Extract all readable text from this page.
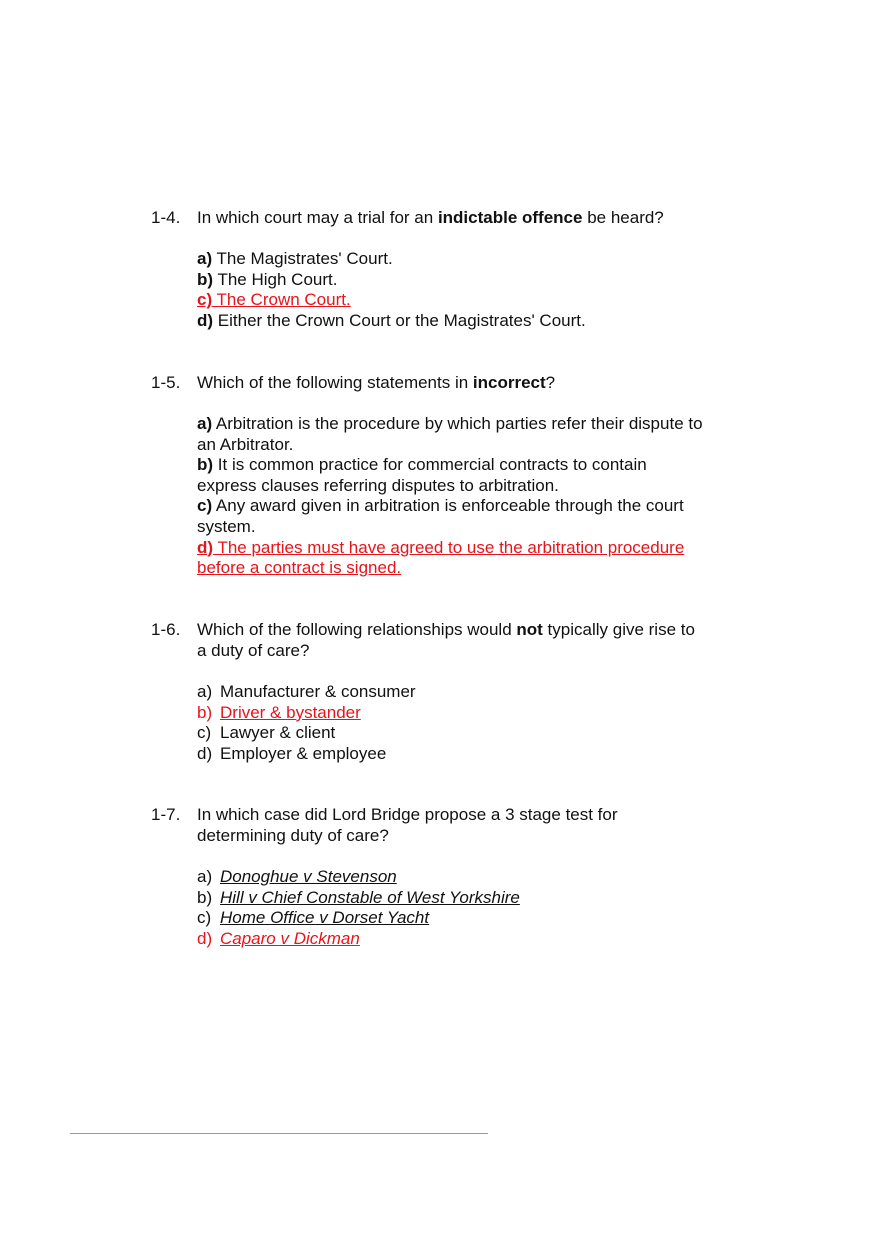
1-4. In which court may a trial for an indictable offence be heard?
a) The Magistrates' Court.
b) The High Court.
c) The Crown Court.
d) Either the Crown Court or the Magistrates' Court.
1-5. Which of the following statements in incorrect?
a) Arbitration is the procedure by which parties refer their dispute to
an Arbitrator.
b) It is common practice for commercial contracts to contain
express clauses referring disputes to arbitration.
c) Any award given in arbitration is enforceable through the court
system.
d) The parties must have agreed to use the arbitration procedure
before a contract is signed.
1-6. Which of the following relationships would not typically give rise to
a duty of care?
a) Manufacturer & consumer
b) Driver & bystander
c) Lawyer & client
d) Employer & employee
1-7. In which case did Lord Bridge propose a 3 stage test for
determining duty of care?
a) Donoghue v Stevenson
b) Hill v Chief Constable of West Yorkshire
c) Home Office v Dorset Yacht
d) Caparo v Dickman
